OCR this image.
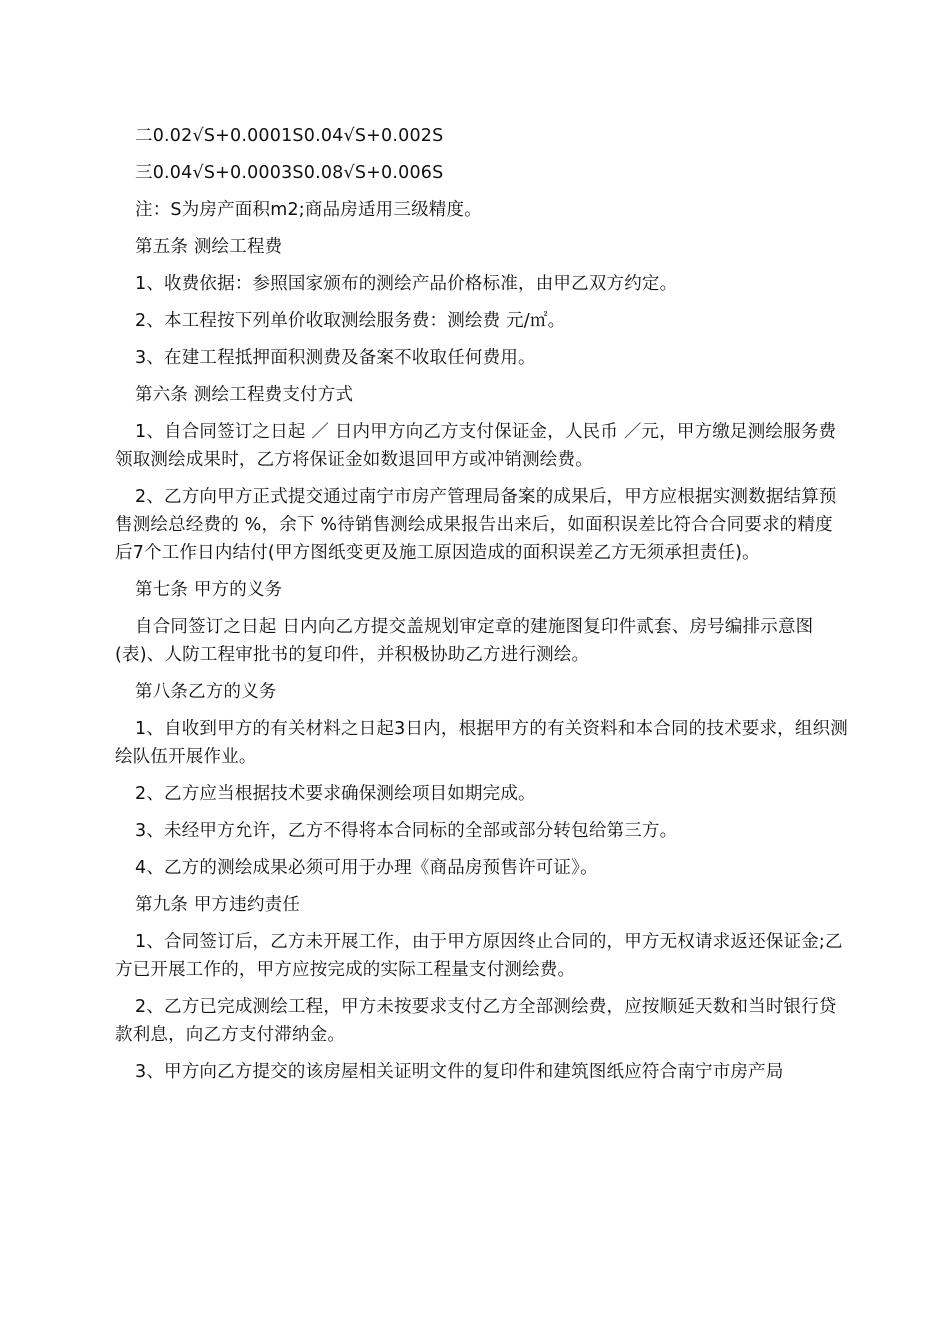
二0.02√S+0.0001S0.04√S+0.002S

三0.04√S+0.0003S0.08√S+0.006S

注：S为房产面积m2;商品房适用三级精度。

第五条 测绘工程费

1、收费依据：参照国家颁布的测绘产品价格标准，由甲乙双方约定。

2、本工程按下列单价收取测绘服务费：测绘费 元/㎡。

3、在建工程抵押面积测费及备案不收取任何费用。

第六条 测绘工程费支付方式

1、自合同签订之日起 ／ 日内甲方向乙方支付保证金，人民币 ／元，甲方缴足测绘服务费领取测绘成果时，乙方将保证金如数退回甲方或冲销测绘费。

2、乙方向甲方正式提交通过南宁市房产管理局备案的成果后，甲方应根据实测数据结算预售测绘总经费的 %，余下 %待销售测绘成果报告出来后，如面积误差比符合合同要求的精度后7个工作日内结付(甲方图纸变更及施工原因造成的面积误差乙方无须承担责任)。

第七条 甲方的义务

自合同签订之日起 日内向乙方提交盖规划审定章的建施图复印件贰套、房号编排示意图(表)、人防工程审批书的复印件，并积极协助乙方进行测绘。

第八条乙方的义务

1、自收到甲方的有关材料之日起3日内，根据甲方的有关资料和本合同的技术要求，组织测绘队伍开展作业。

2、乙方应当根据技术要求确保测绘项目如期完成。

3、未经甲方允许，乙方不得将本合同标的全部或部分转包给第三方。

4、乙方的测绘成果必须可用于办理《商品房预售许可证》。

第九条 甲方违约责任

1、合同签订后，乙方未开展工作，由于甲方原因终止合同的，甲方无权请求返还保证金;乙方已开展工作的，甲方应按完成的实际工程量支付测绘费。

2、乙方已完成测绘工程，甲方未按要求支付乙方全部测绘费，应按顺延天数和当时银行贷款利息，向乙方支付滞纳金。

3、甲方向乙方提交的该房屋相关证明文件的复印件和建筑图纸应符合南宁市房产局
